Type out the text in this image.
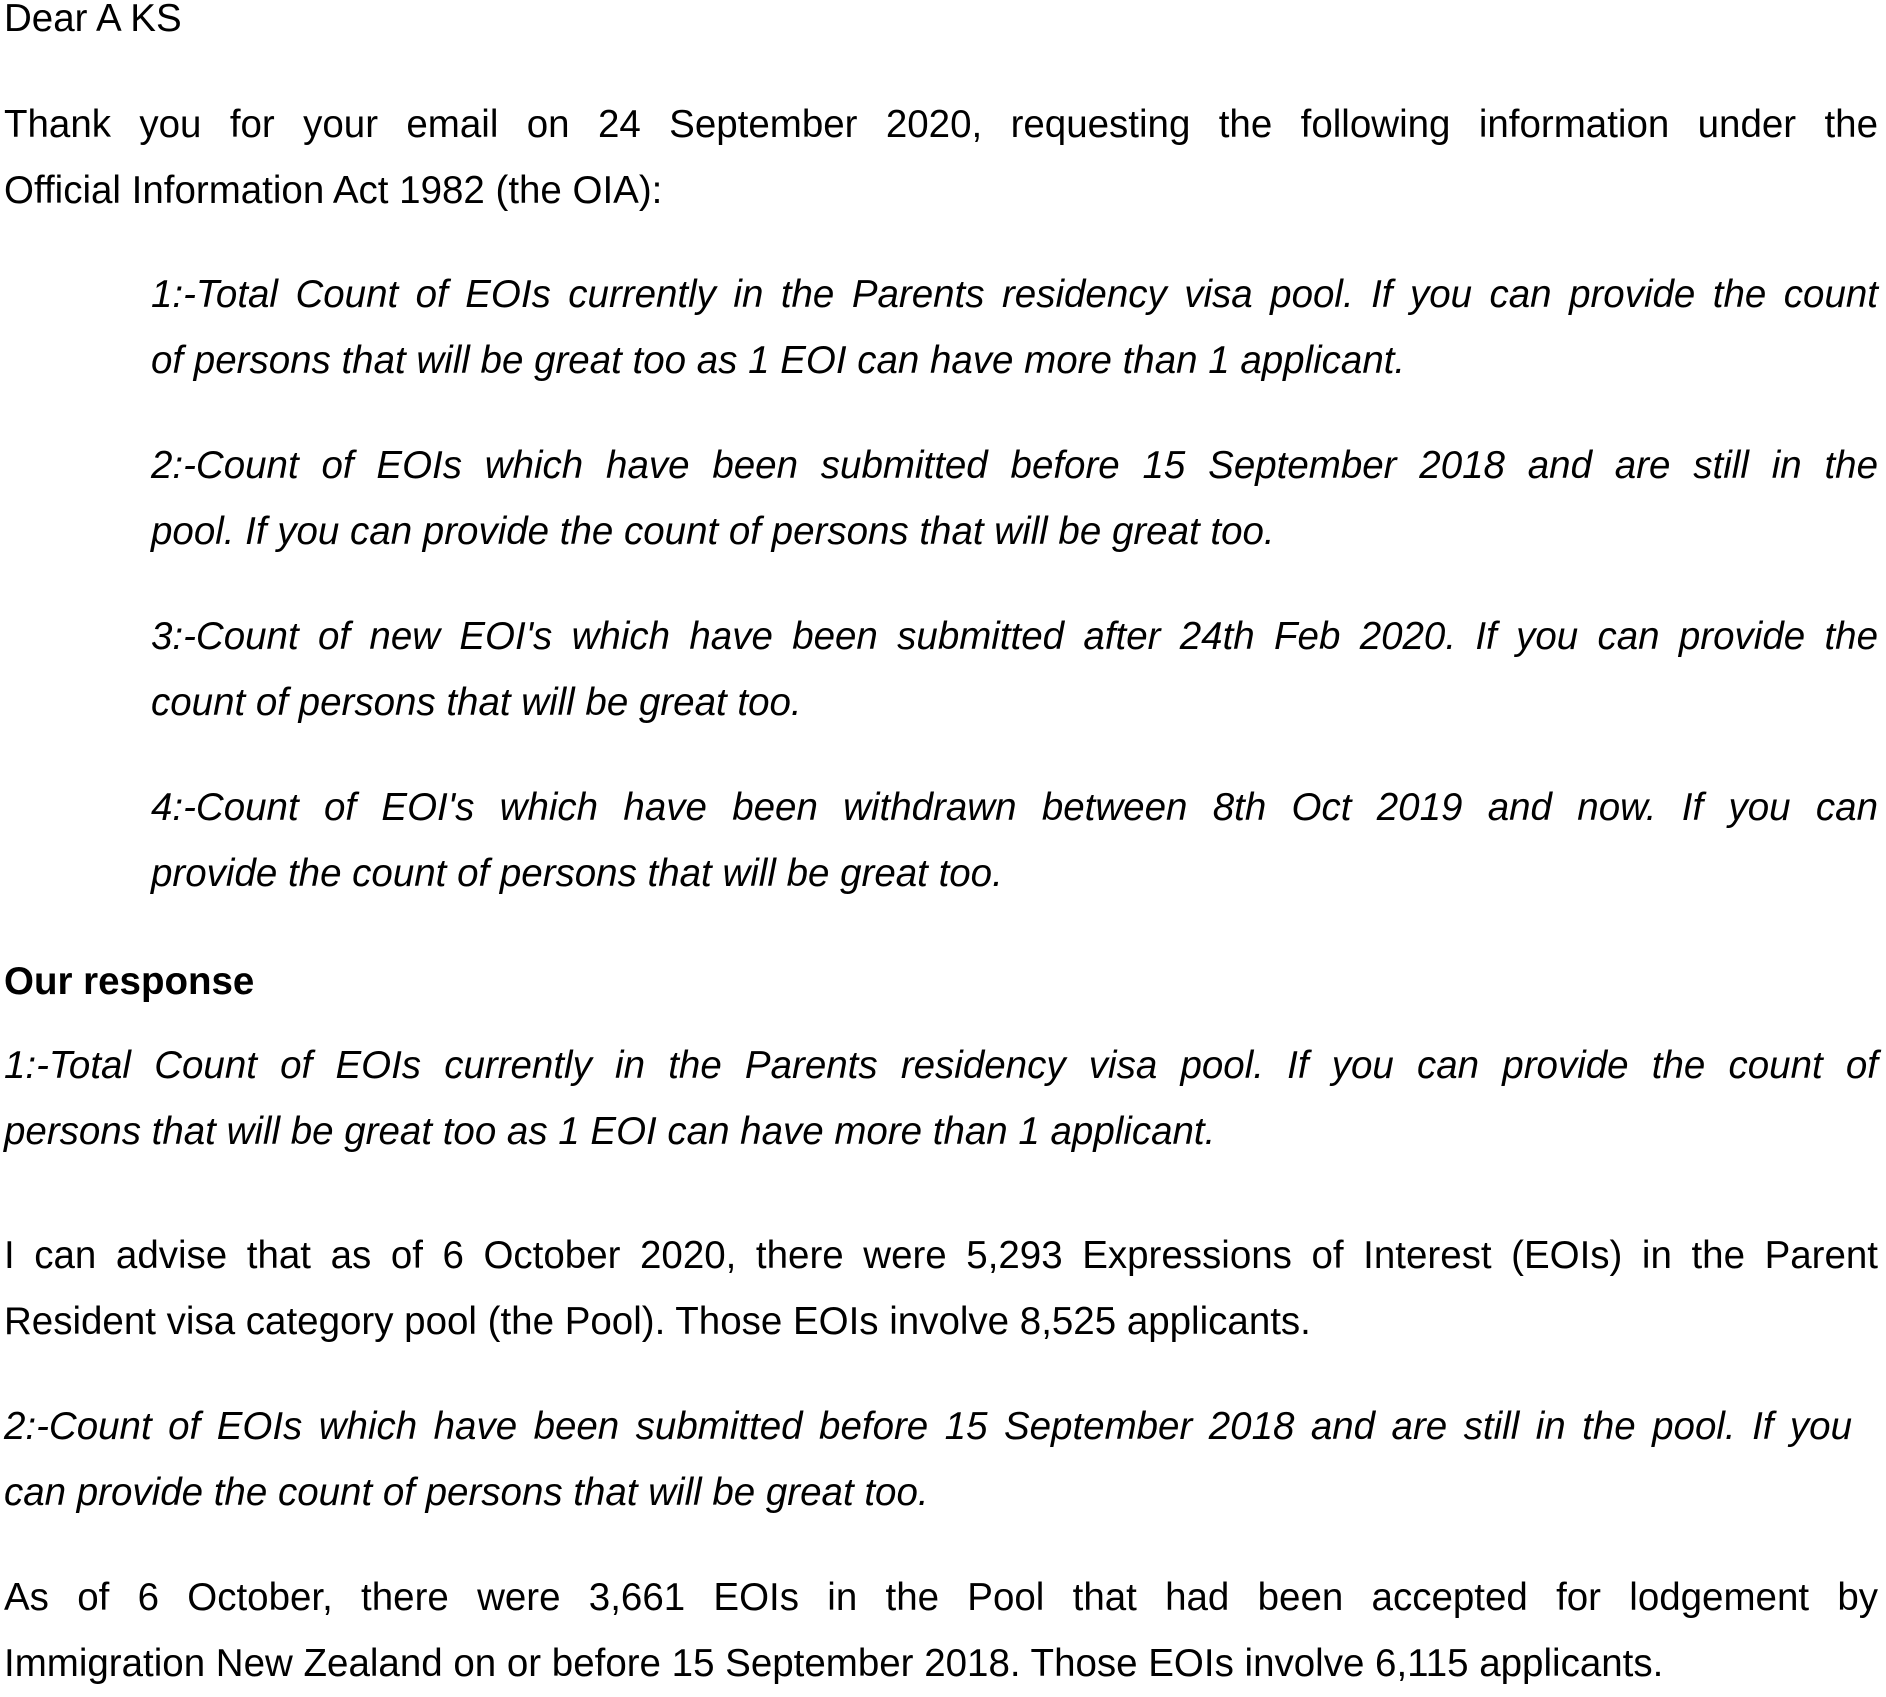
Dear A KS
Thank you for your email on 24 September 2020, requesting the following information under the
Official Information Act 1982 (the OIA):
1:-Total Count of EOIs currently in the Parents residency visa pool. If you can provide the count
of persons that will be great too as 1 EOI can have more than 1 applicant.
2:-Count of EOIs which have been submitted before 15 September 2018 and are still in the
pool. If you can provide the count of persons that will be great too.
3:-Count of new EOI's which have been submitted after 24th Feb 2020. If you can provide the
count of persons that will be great too.
4:-Count of EOI's which have been withdrawn between 8th Oct 2019 and now. If you can
provide the count of persons that will be great too.
Our response
1:-Total Count of EOIs currently in the Parents residency visa pool. If you can provide the count of
persons that will be great too as 1 EOI can have more than 1 applicant.
I can advise that as of 6 October 2020, there were 5,293 Expressions of Interest (EOIs) in the Parent
Resident visa category pool (the Pool). Those EOIs involve 8,525 applicants.
2:-Count of EOIs which have been submitted before 15 September 2018 and are still in the pool. If you
can provide the count of persons that will be great too.
As of 6 October, there were 3,661 EOIs in the Pool that had been accepted for lodgement by
Immigration New Zealand on or before 15 September 2018. Those EOIs involve 6,115 applicants.
